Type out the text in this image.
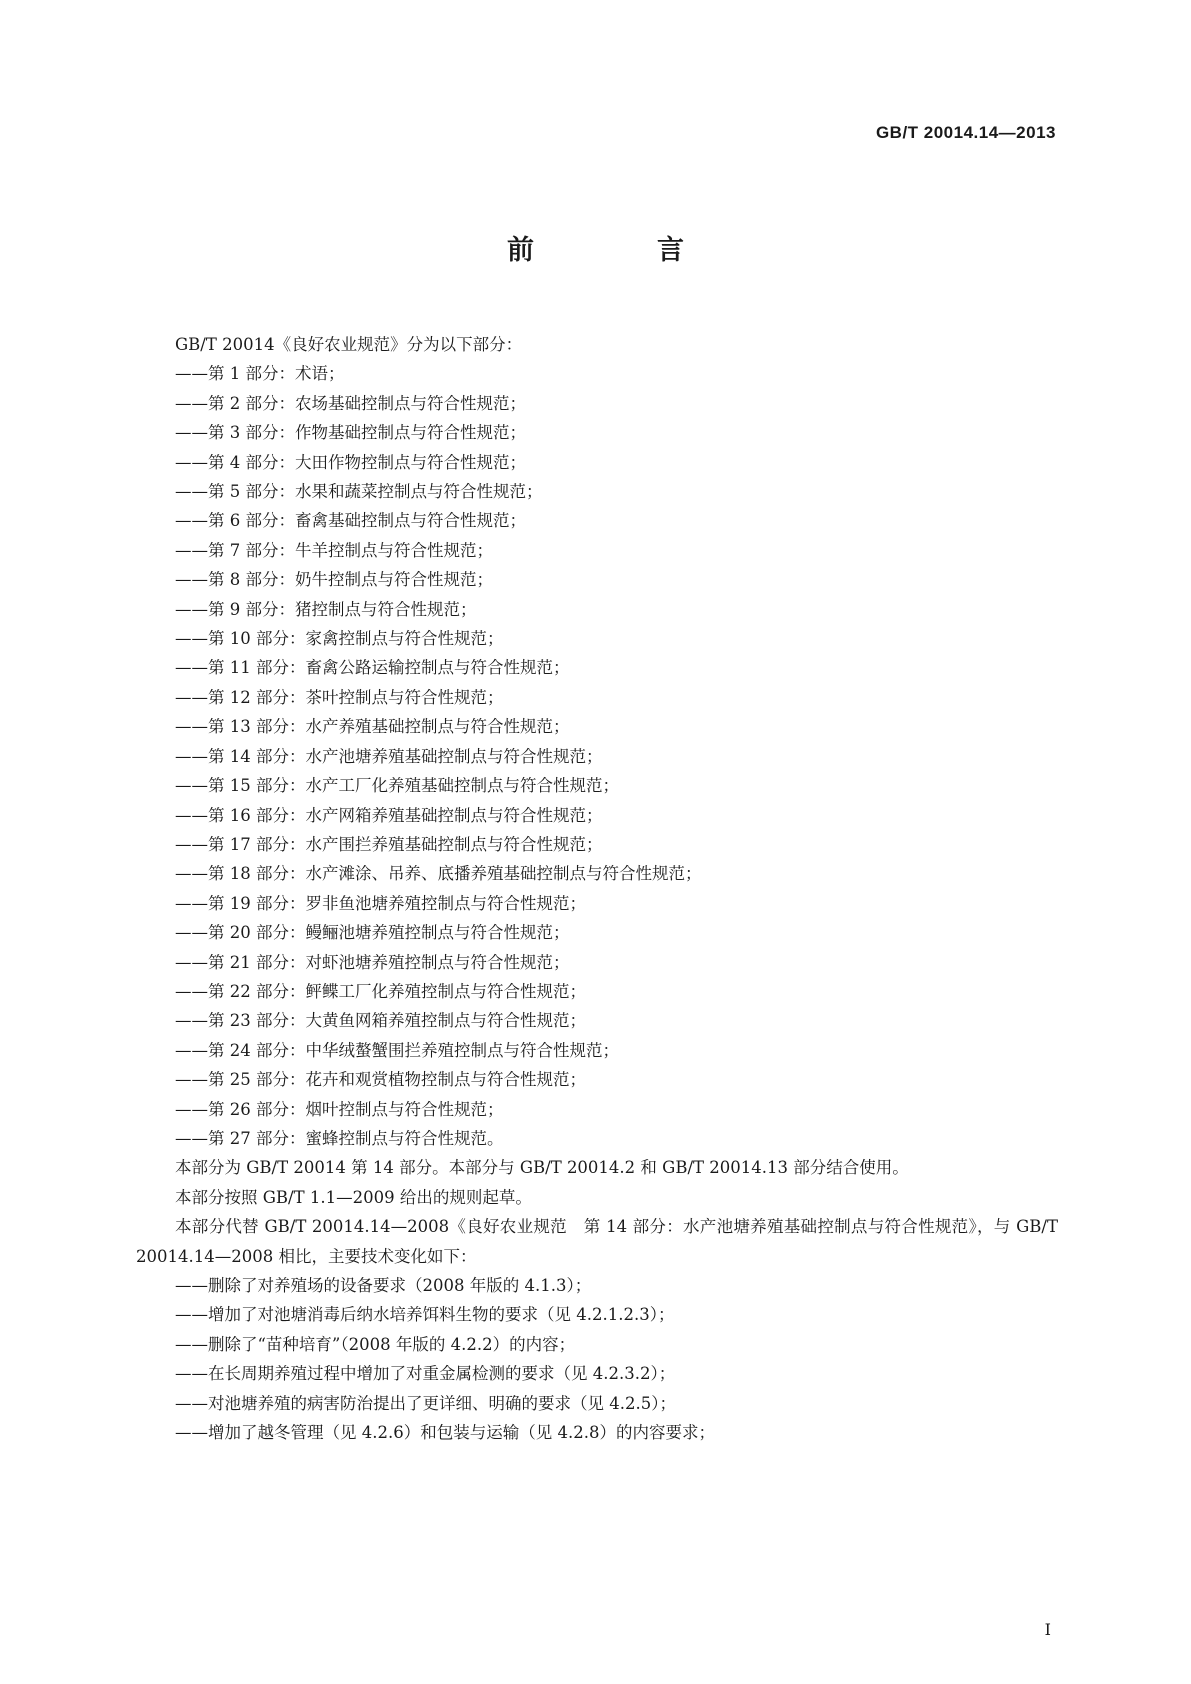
GB/T 20014.14—2013
前　言

GB/T 20014《良好农业规范》分为以下部分：

——第 1 部分：术语；

——第 2 部分：农场基础控制点与符合性规范；

——第 3 部分：作物基础控制点与符合性规范；

——第 4 部分：大田作物控制点与符合性规范；

——第 5 部分：水果和蔬菜控制点与符合性规范；

——第 6 部分：畜禽基础控制点与符合性规范；

——第 7 部分：牛羊控制点与符合性规范；

——第 8 部分：奶牛控制点与符合性规范；

——第 9 部分：猪控制点与符合性规范；

——第 10 部分：家禽控制点与符合性规范；

——第 11 部分：畜禽公路运输控制点与符合性规范；

——第 12 部分：茶叶控制点与符合性规范；

——第 13 部分：水产养殖基础控制点与符合性规范；

——第 14 部分：水产池塘养殖基础控制点与符合性规范；

——第 15 部分：水产工厂化养殖基础控制点与符合性规范；

——第 16 部分：水产网箱养殖基础控制点与符合性规范；

——第 17 部分：水产围拦养殖基础控制点与符合性规范；

——第 18 部分：水产滩涂、吊养、底播养殖基础控制点与符合性规范；

——第 19 部分：罗非鱼池塘养殖控制点与符合性规范；

——第 20 部分：鳗鲡池塘养殖控制点与符合性规范；

——第 21 部分：对虾池塘养殖控制点与符合性规范；

——第 22 部分：鲆鲽工厂化养殖控制点与符合性规范；

——第 23 部分：大黄鱼网箱养殖控制点与符合性规范；

——第 24 部分：中华绒螯蟹围拦养殖控制点与符合性规范；

——第 25 部分：花卉和观赏植物控制点与符合性规范；

——第 26 部分：烟叶控制点与符合性规范；

——第 27 部分：蜜蜂控制点与符合性规范。

本部分为 GB/T 20014 第 14 部分。本部分与 GB/T 20014.2 和 GB/T 20014.13 部分结合使用。

本部分按照 GB/T 1.1—2009 给出的规则起草。

本部分代替 GB/T 20014.14—2008《良好农业规范　第 14 部分：水产池塘养殖基础控制点与符合性规范》，与 GB/T 20014.14—2008 相比，主要技术变化如下：

——删除了对养殖场的设备要求（2008 年版的 4.1.3）；

——增加了对池塘消毒后纳水培养饵料生物的要求（见 4.2.1.2.3）；

——删除了“苗种培育”（2008 年版的 4.2.2）的内容；

——在长周期养殖过程中增加了对重金属检测的要求（见 4.2.3.2）；

——对池塘养殖的病害防治提出了更详细、明确的要求（见 4.2.5）；

——增加了越冬管理（见 4.2.6）和包装与运输（见 4.2.8）的内容要求；

I
